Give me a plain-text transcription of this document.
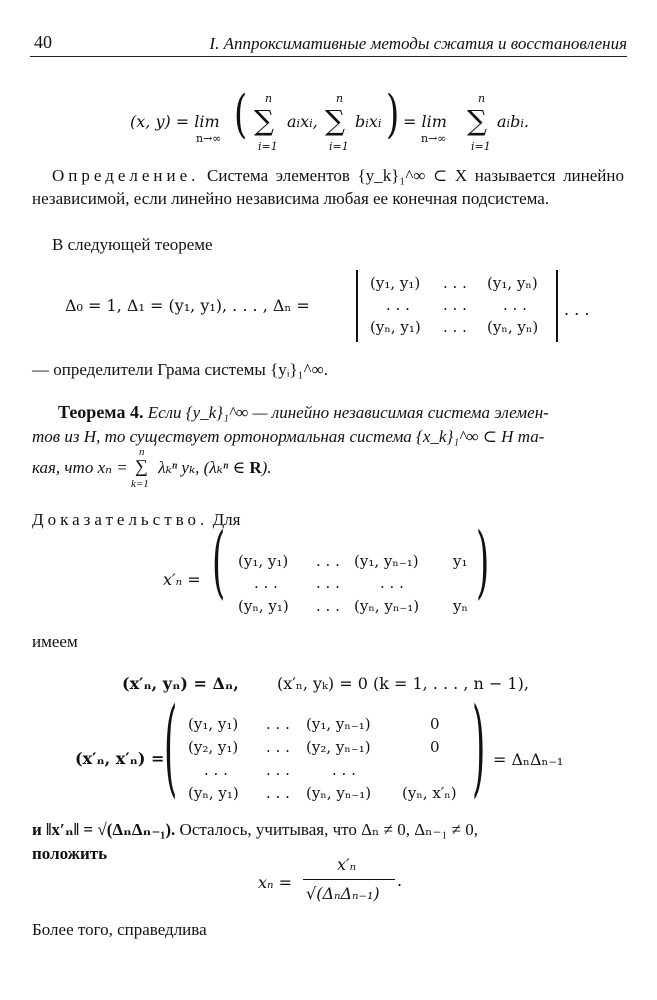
40	I. Аппроксимативные методы сжатия и восстановления
(x, y) = lim
n→∞ ( n
∑
i=1
aixi,
n
∑
i=1
bixi ) = lim
n→∞
n
∑
i=1
aibi.
Определение. Система элементов {y_k}₁^∞ ⊂ X называется линейно независимой, если линейно независима любая ее конечная подсистема.
В следующей теореме
Δ₀ = 1, Δ₁ = (y₁, y₁), . . . , Δₙ =
(y₁, y₁) . . . (y₁, yₙ)
. . . . . . . . .
(yₙ, y₁) . . . (yₙ, yₙ)
. . .
— определители Грама системы {yᵢ}₁^∞.
Теорема 4. Если {y_k}₁^∞ — линейно независимая система элемен-
тов из H, то существует ортонормальная система {x_k}₁^∞ ⊂ H та-
кая, что xₙ =
n
∑
k=1
λₖⁿ yₖ, (λₖⁿ ∈ R).
Доказательство. Для
x′ₙ = ( (y₁, y₁) . . . (y₁, yₙ₋₁) y₁
. . .	. . .	. . .
(yₙ, y₁) . . . (yₙ, yₙ₋₁) yₙ )
имеем
(x′ₙ, yₙ) = Δₙ, (x′ₙ, yₖ) = 0 (k = 1, . . . , n − 1),
(x′ₙ, x′ₙ) = ( (y₁, y₁) . . . (y₁, yₙ₋₁)	0
(y₂, y₁) . . . (y₂, yₙ₋₁)	0
. . .	. . .	. . .
(yₙ, y₁) . . . (yₙ, yₙ₋₁) (yₙ, x′ₙ) ) = ΔₙΔₙ₋₁
и ‖x′ₙ‖ = √(ΔₙΔₙ₋₁). Осталось, учитывая, что Δₙ ≠ 0, Δₙ₋₁ ≠ 0,
положить
xₙ =
x′ₙ
√(ΔₙΔₙ₋₁)
.
Более того, справедлива
